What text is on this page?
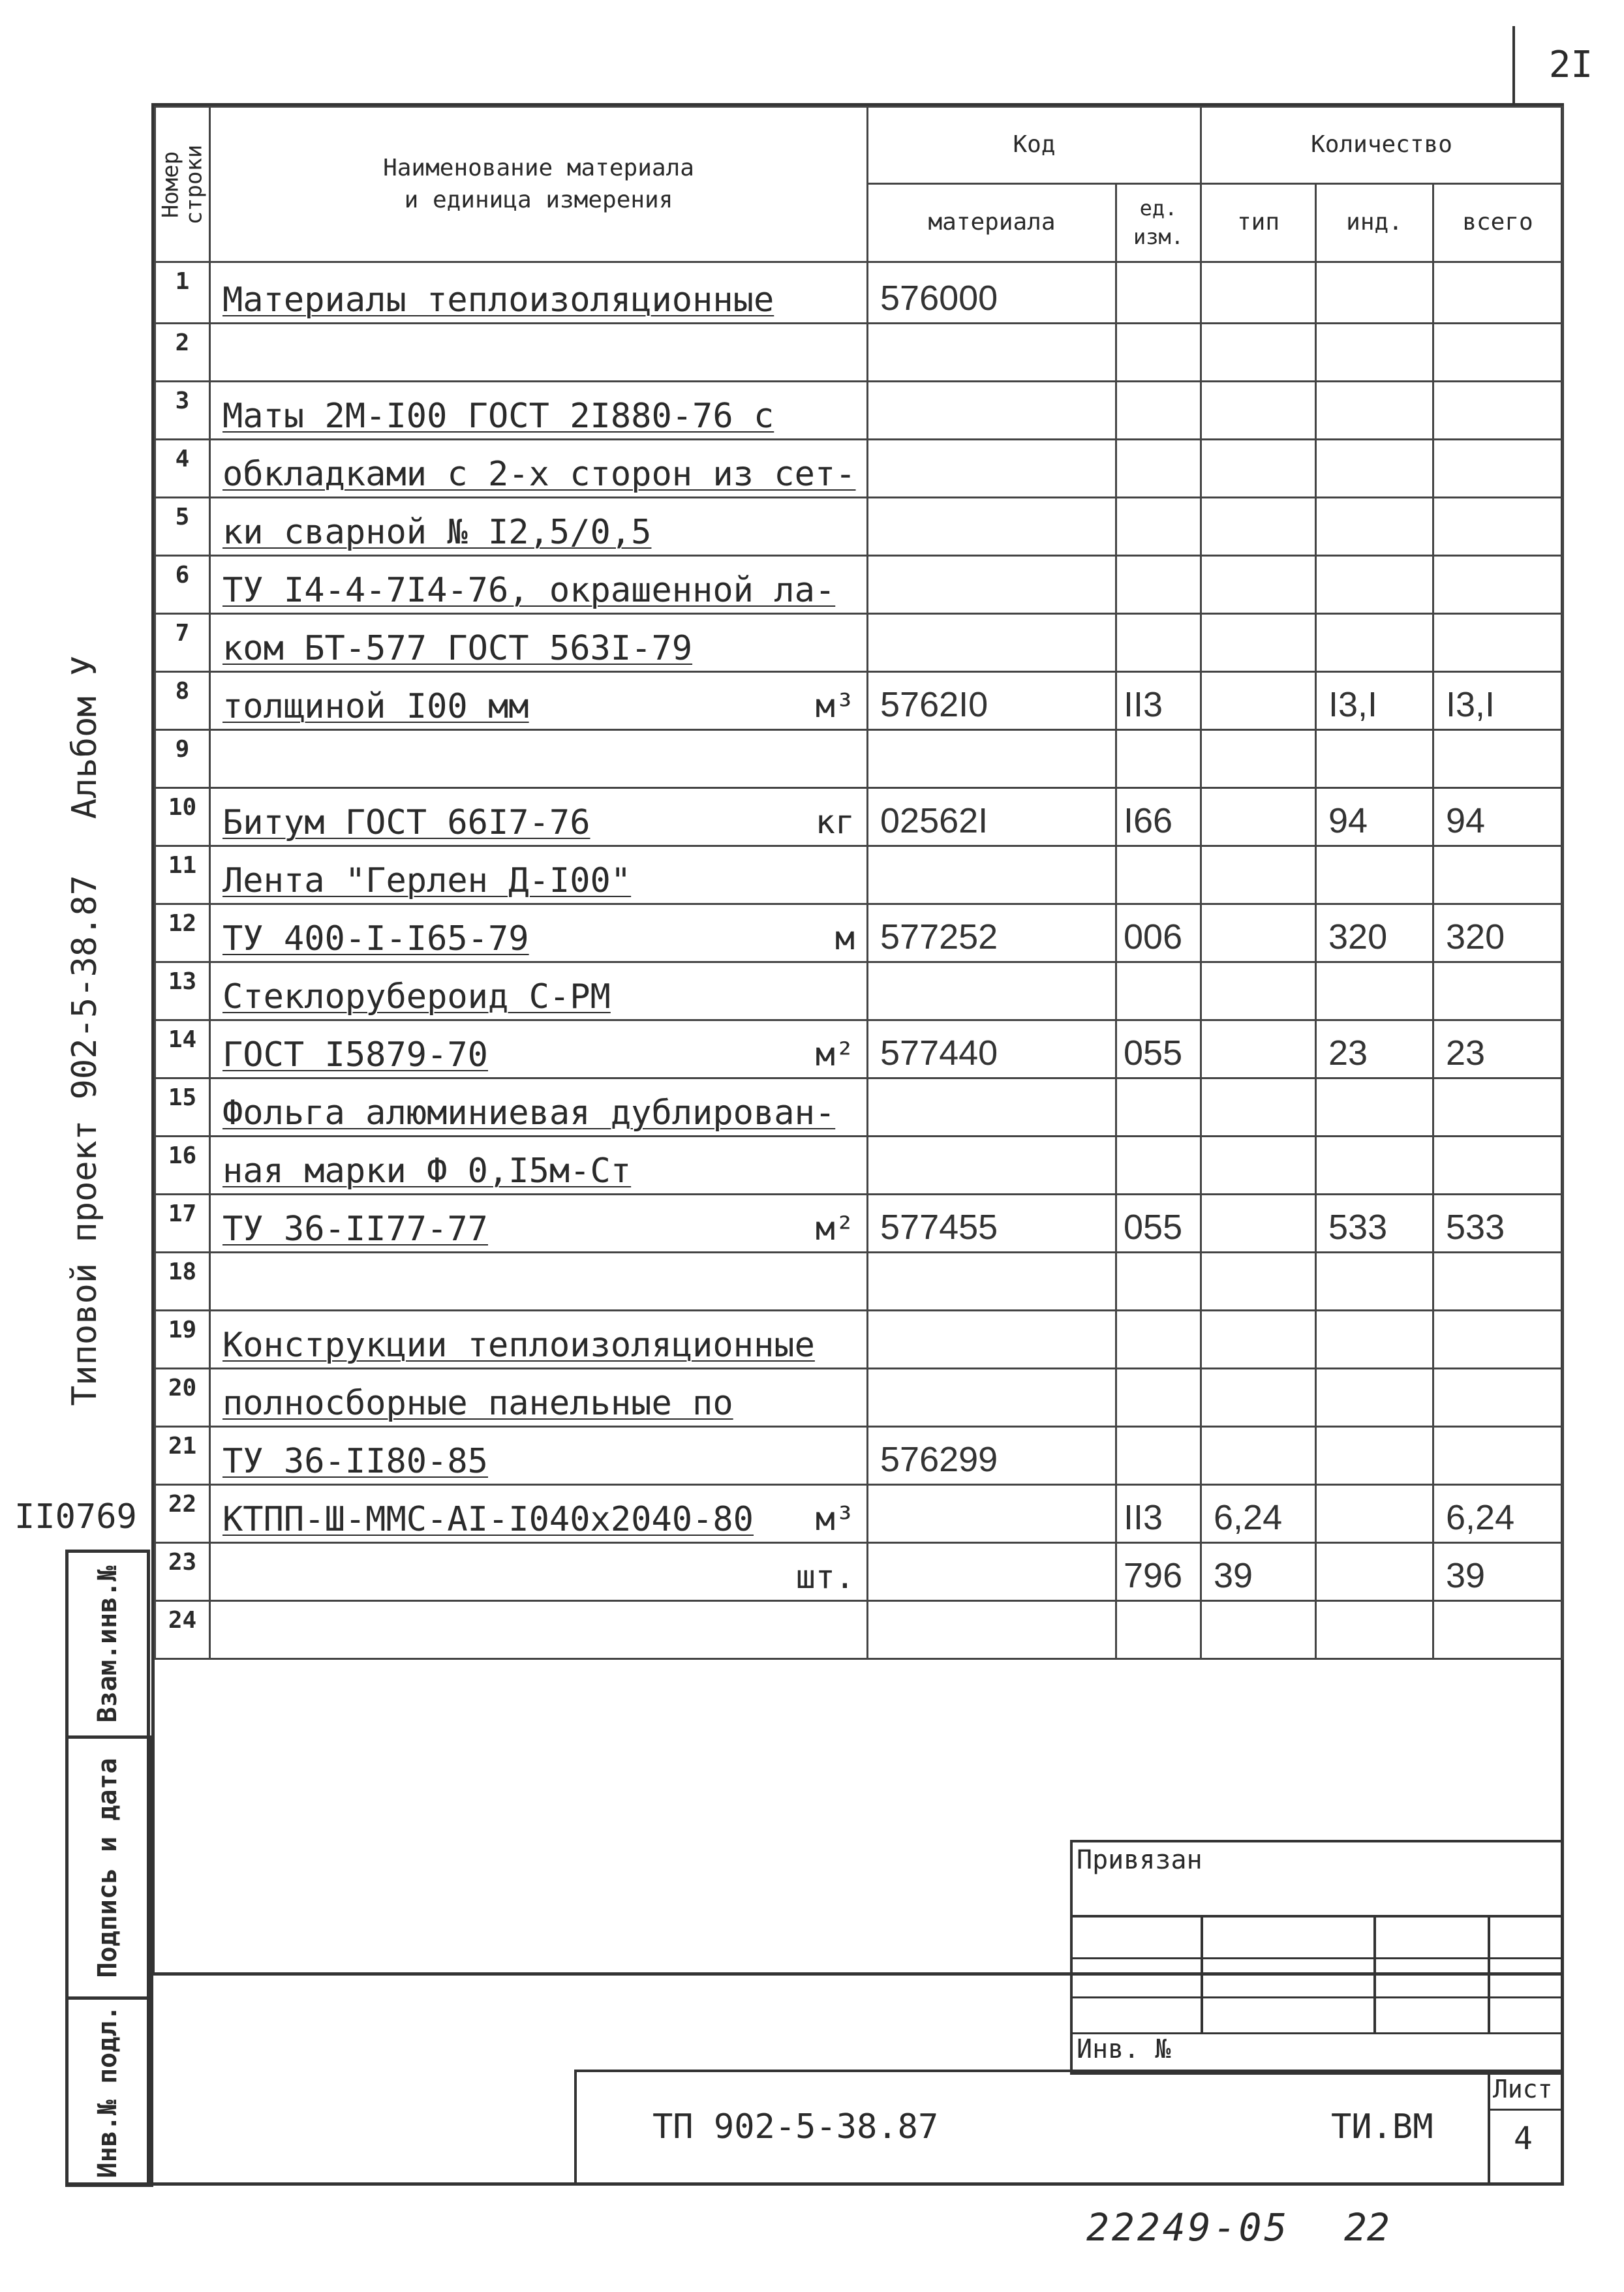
2I
Номер
строки	Наименование материала
и единица измерения	Код		Количество		
		материала	ед.
изм.	тип	инд.	всего
1	Материалы теплоизоляционные	576000				
2	

3	Маты 2М-I00 ГОСТ 2I880-76 с

4	обкладками с 2-х сторон из сет-

5	ки сварной № I2,5/0,5

6	ТУ I4-4-7I4-76, окрашенной ла-

7	ком БТ-577 ГОСТ 563I-79

8	толщиной I00 мм м³	5762I0	II3		I3,I	I3,I
9	

10	Битум ГОСТ 66I7-76 кг	02562I	I66		94	94
11	Лента "Герлен Д-I00"

12	ТУ 400-I-I65-79 м	577252	006		320	320
13	Стеклорубероид С-РМ

14	ГОСТ I5879-70 м²	577440	055		23	23
15	Фольга алюминиевая дублирован-

16	ная марки Ф 0,I5м-Ст

17	ТУ 36-II77-77 м²	577455	055		533	533
18	

19	Конструкции теплоизоляционные

20	полносборные панельные по

21	ТУ 36-II80-85	576299				
22	КТПП-Ш-ММС-АI-I040х2040-80 м³		II3	6,24		6,24
23	шт.		796	39		39
24	

Альбом У
Типовой проект 902-5-38.87
II0769
Взам.инв.№
Подпись и дата
Инв.№ подл.
Привязан
Инв. №
ТП 902-5-38.87	ТИ.ВМ
Лист
4
22249-05 22
